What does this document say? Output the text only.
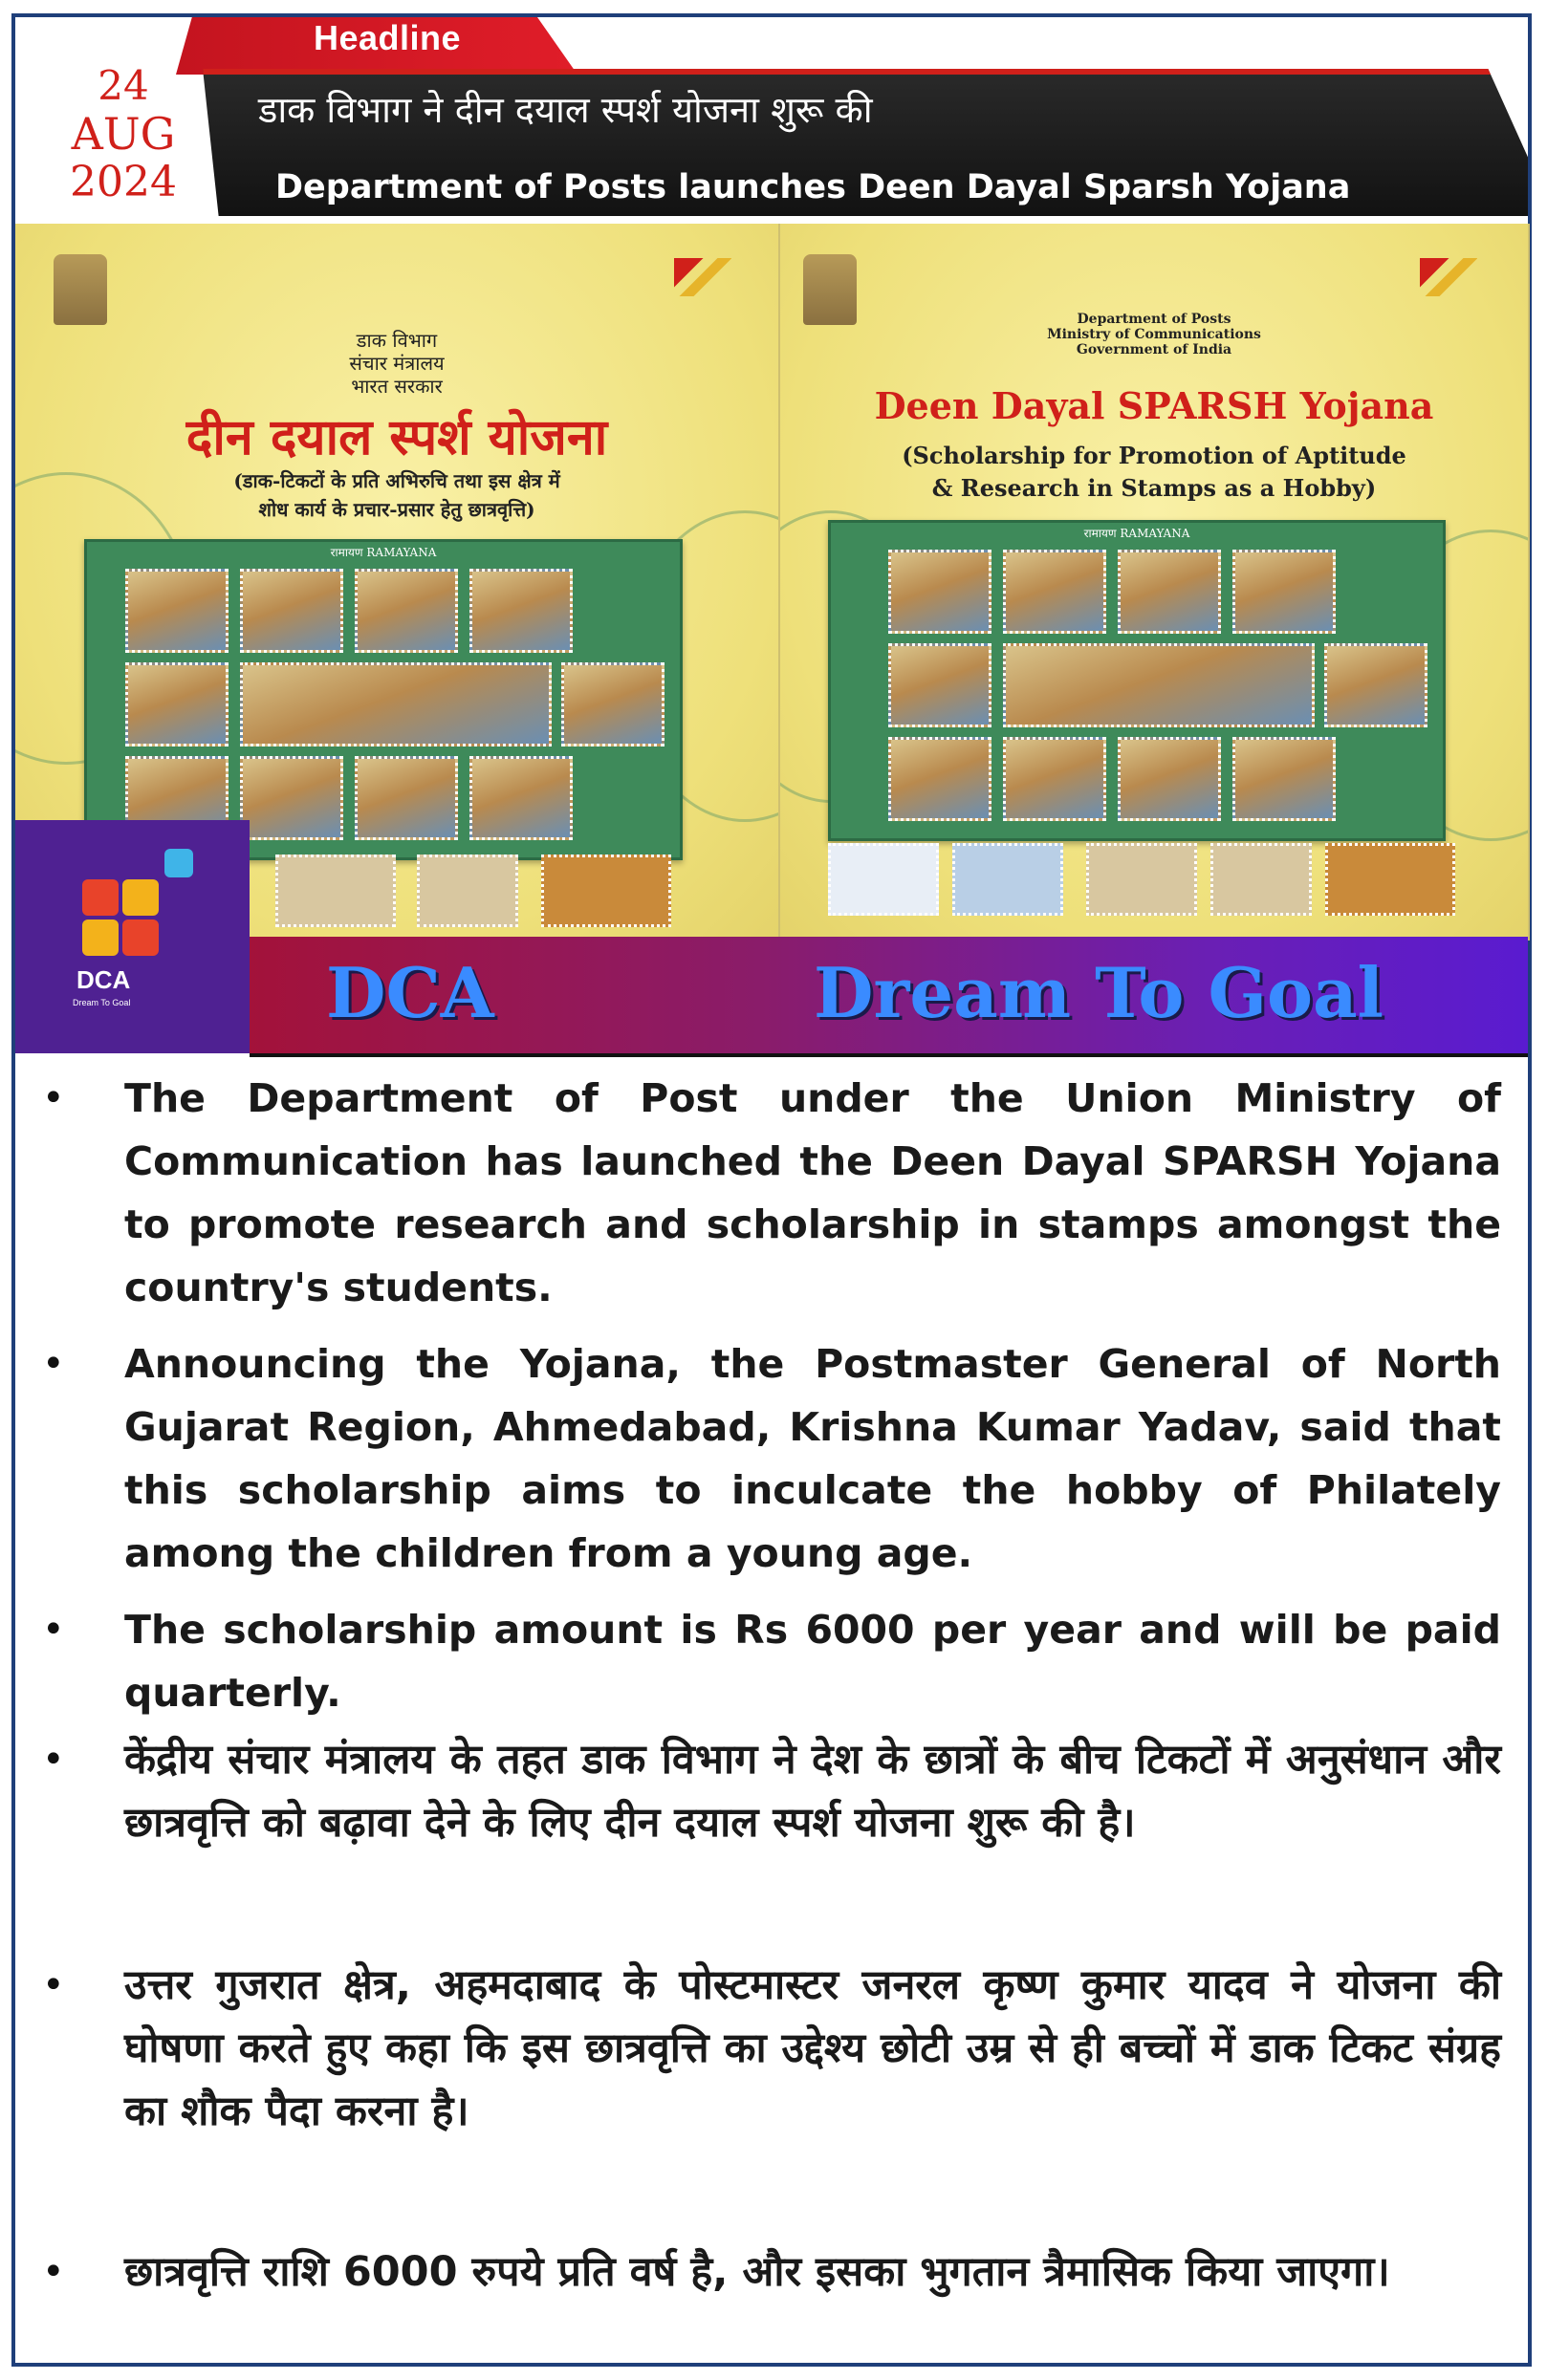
Headline
24
AUG
2024
डाक विभाग ने दीन दयाल स्पर्श योजना शुरू की
Department of Posts launches Deen Dayal Sparsh Yojana
डाक विभाग
संचार मंत्रालय
भारत सरकार
दीन दयाल स्पर्श योजना
(डाक-टिकटों के प्रति अभिरुचि तथा इस क्षेत्र में
शोध कार्य के प्रचार-प्रसार हेतु छात्रवृत्ति)
रामायण RAMAYANA
Department of Posts
Ministry of Communications
Government of India
Deen Dayal SPARSH Yojana
(Scholarship for Promotion of Aptitude
& Research in Stamps as a Hobby)
रामायण RAMAYANA
DCA
Dream To Goal	DCA	Dream To Goal
• The Department of Post under the Union Ministry of Communication has launched the Deen Dayal SPARSH Yojana to promote research and scholarship in stamps amongst the country's students.
• Announcing the Yojana, the Postmaster General of North Gujarat Region, Ahmedabad, Krishna Kumar Yadav, said that this scholarship aims to inculcate the hobby of Philately among the children from a young age.
• The scholarship amount is Rs 6000 per year and will be paid quarterly.
• केंद्रीय संचार मंत्रालय के तहत डाक विभाग ने देश के छात्रों के बीच टिकटों में अनुसंधान और छात्रवृत्ति को बढ़ावा देने के लिए दीन दयाल स्पर्श योजना शुरू की है।
• उत्तर गुजरात क्षेत्र, अहमदाबाद के पोस्टमास्टर जनरल कृष्ण कुमार यादव ने योजना की घोषणा करते हुए कहा कि इस छात्रवृत्ति का उद्देश्य छोटी उम्र से ही बच्चों में डाक टिकट संग्रह का शौक पैदा करना है।
• छात्रवृत्ति राशि 6000 रुपये प्रति वर्ष है, और इसका भुगतान त्रैमासिक किया जाएगा।
